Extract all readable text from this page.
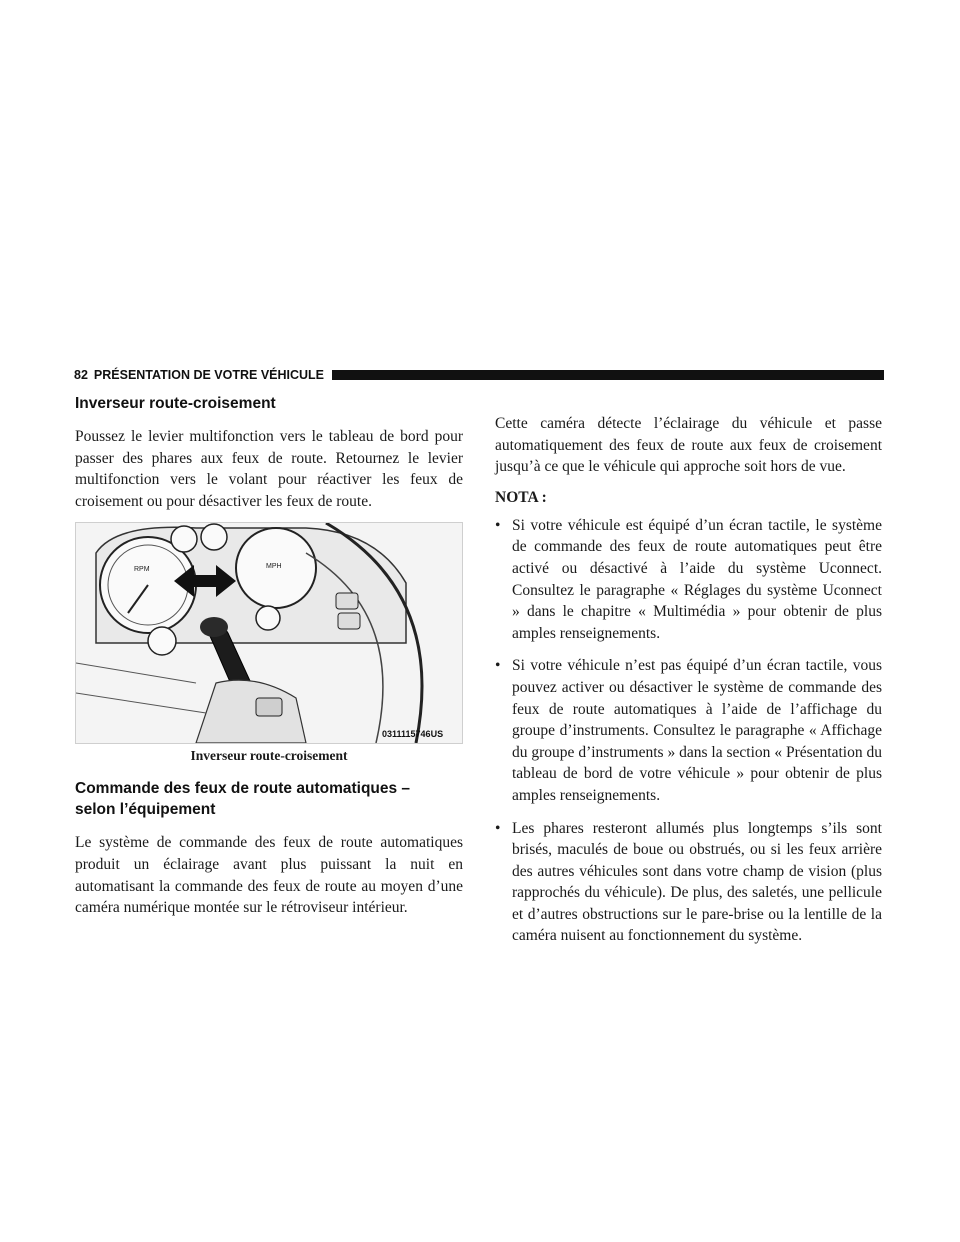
82 PRÉSENTATION DE VOTRE VÉHICULE
Inverseur route-croisement

Poussez le levier multifonction vers le tableau de bord pour passer des phares aux feux de route. Retournez le levier multifonction vers le volant pour réactiver les feux de croisement ou pour désactiver les feux de route.

RPM	MPH
0311115746US
Inverseur route-croisement
Commande des feux de route automatiques –
selon l’équipement

Le système de commande des feux de route automatiques produit un éclairage avant plus puissant la nuit en automatisant la commande des feux de route au moyen d’une caméra numérique montée sur le rétroviseur intérieur.

Cette caméra détecte l’éclairage du véhicule et passe automatiquement des feux de route aux feux de croisement jusqu’à ce que le véhicule qui approche soit hors de vue.

NOTA :
• Si votre véhicule est équipé d’un écran tactile, le système de commande des feux de route automatiques peut être activé ou désactivé à l’aide du système Uconnect. Consultez le paragraphe « Réglages du système Uconnect » dans le chapitre « Multimédia » pour obtenir de plus amples renseignements.
• Si votre véhicule n’est pas équipé d’un écran tactile, vous pouvez activer ou désactiver le système de commande des feux de route automatiques à l’aide de l’affichage du groupe d’instruments. Consultez le paragraphe « Affichage du groupe d’instruments » dans la section « Présentation du tableau de bord de votre véhicule » pour obtenir de plus amples renseignements.
• Les phares resteront allumés plus longtemps s’ils sont brisés, maculés de boue ou obstrués, ou si les feux arrière des autres véhicules sont dans votre champ de vision (plus rapprochés du véhicule). De plus, des saletés, une pellicule et d’autres obstructions sur le pare-brise ou la lentille de la caméra nuisent au fonctionnement du système.
